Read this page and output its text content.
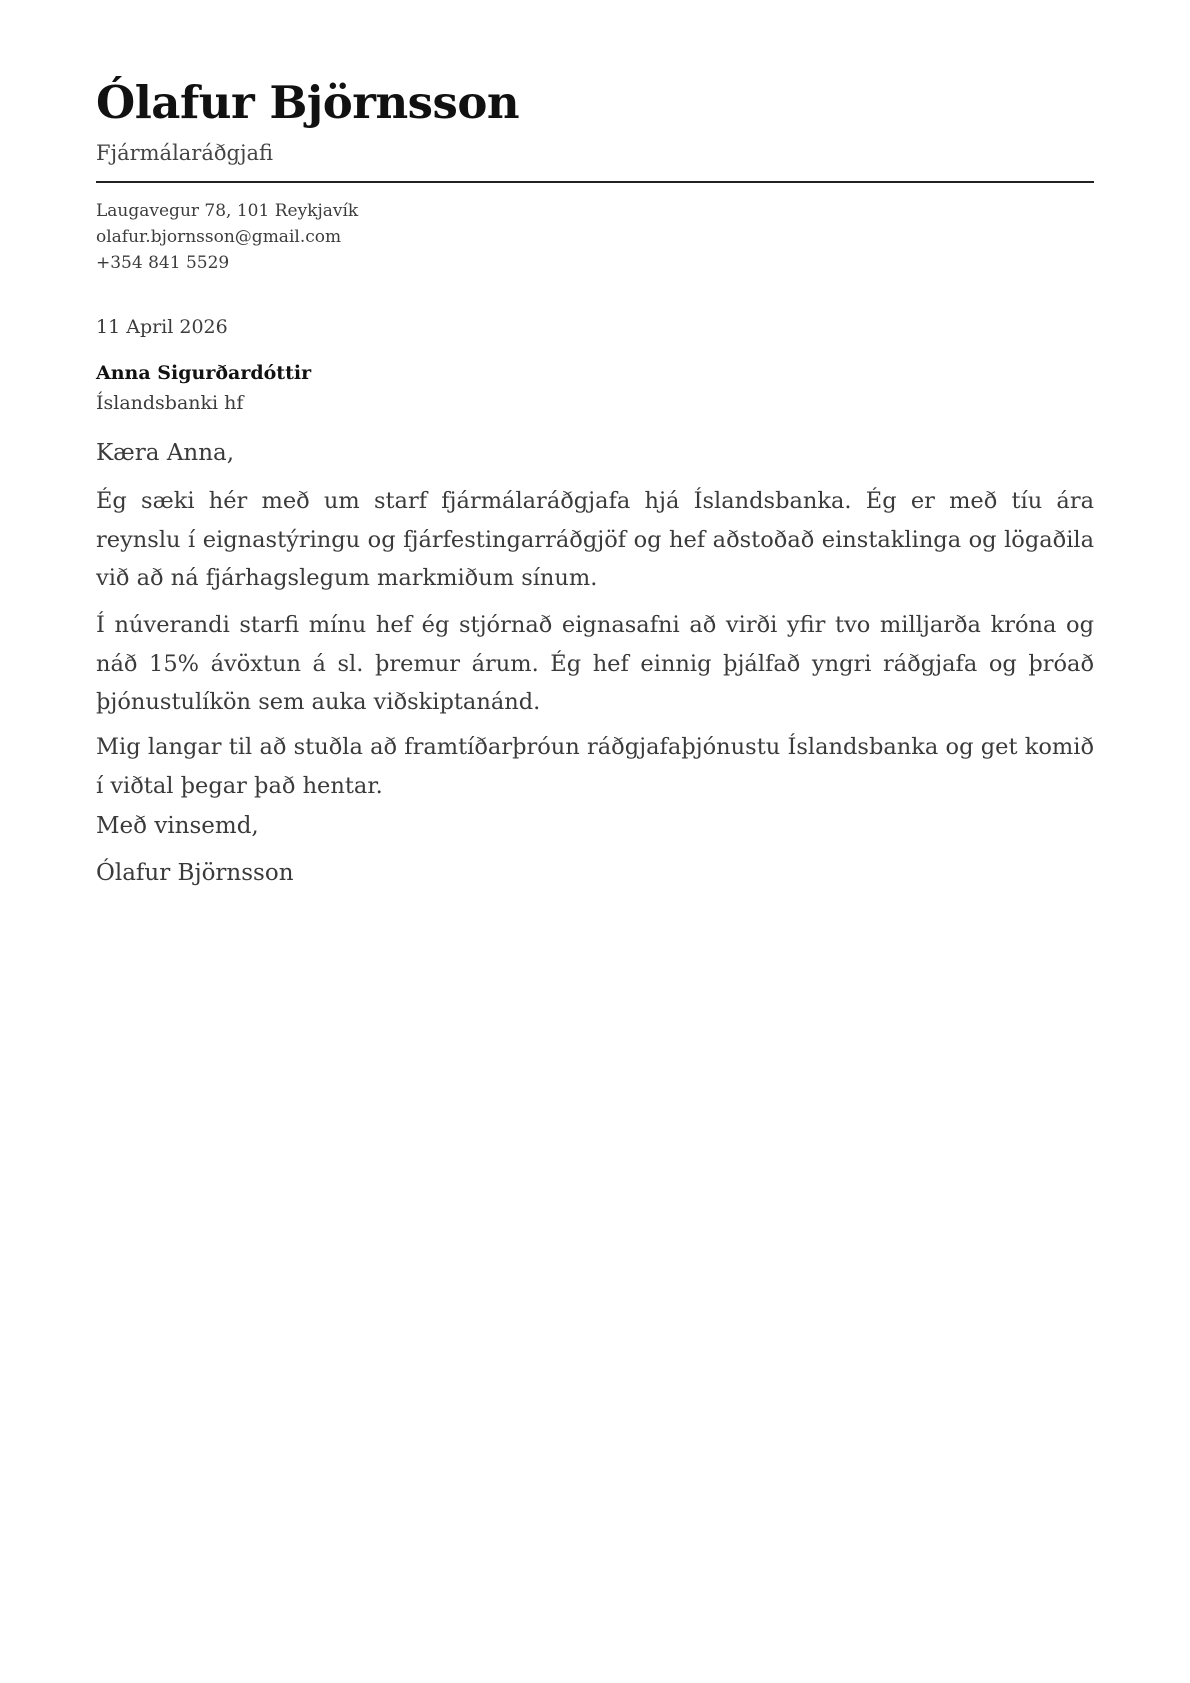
Ólafur Björnsson
Fjármálaráðgjafi
Laugavegur 78, 101 Reykjavík
olafur.bjornsson@gmail.com
+354 841 5529
11 April 2026
Anna Sigurðardóttir
Íslandsbanki hf
Kæra Anna,

Ég sæki hér með um starf fjármálaráðgjafa hjá Íslandsbanka. Ég er með tíu ára reynslu í eignastýringu og fjárfestingarráðgjöf og hef aðstoðað einstaklinga og lögaðila við að ná fjárhagslegum markmiðum sínum.

Í núverandi starfi mínu hef ég stjórnað eignasafni að virði yfir tvo milljarða króna og náð 15% ávöxtun á sl. þremur árum. Ég hef einnig þjálfað yngri ráðgjafa og þróað þjónustulíkön sem auka viðskiptanánd.

Mig langar til að stuðla að framtíðarþróun ráðgjafaþjónustu Íslandsbanka og get komið í viðtal þegar það hentar.

Með vinsemd,
Ólafur Björnsson
